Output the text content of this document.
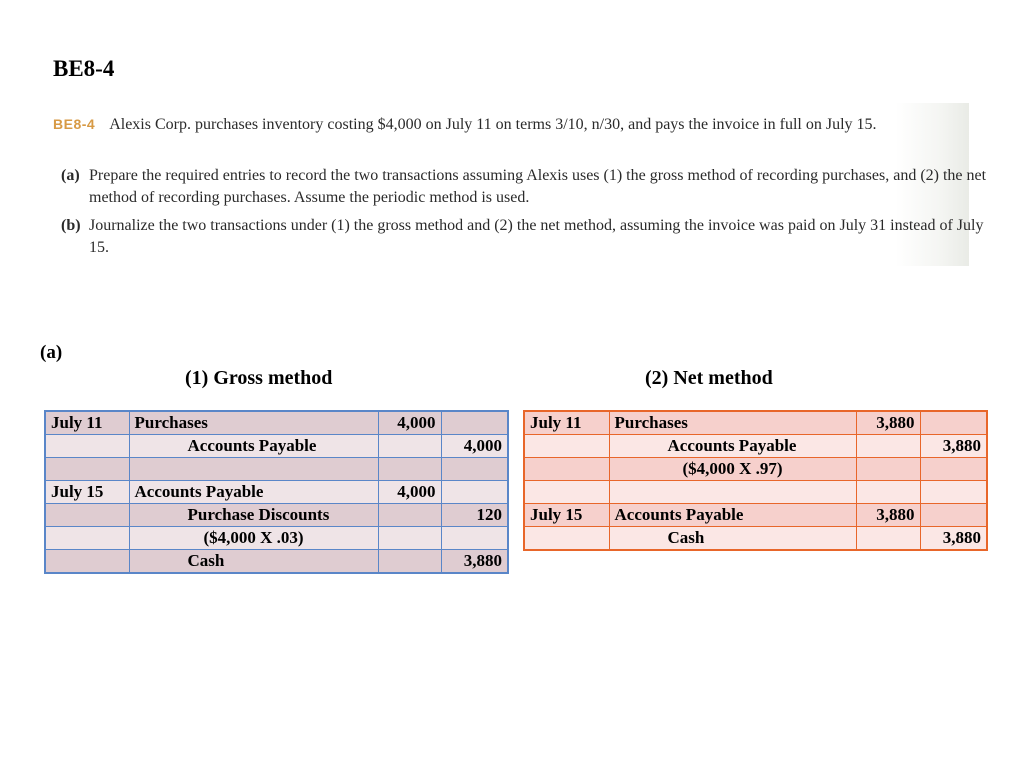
BE8-4
BE8-4 Alexis Corp. purchases inventory costing $4,000 on July 11 on terms 3/10, n/30, and pays the invoice in full on July 15.
(a) Prepare the required entries to record the two transactions assuming Alexis uses (1) the gross method of recording purchases, and (2) the net method of recording purchases. Assume the periodic method is used.
(b) Journalize the two transactions under (1) the gross method and (2) the net method, assuming the invoice was paid on July 31 instead of July 15.
(a)
(1) Gross method	(2) Net method
July 11	Purchases	4,000	
	Accounts Payable		4,000

July 15	Accounts Payable	4,000	
	Purchase Discounts		120
	($4,000 X .03)		
	Cash		3,880
July 11	Purchases	3,880	
	Accounts Payable		3,880
	($4,000 X .97)		

July 15	Accounts Payable	3,880	
	Cash		3,880
